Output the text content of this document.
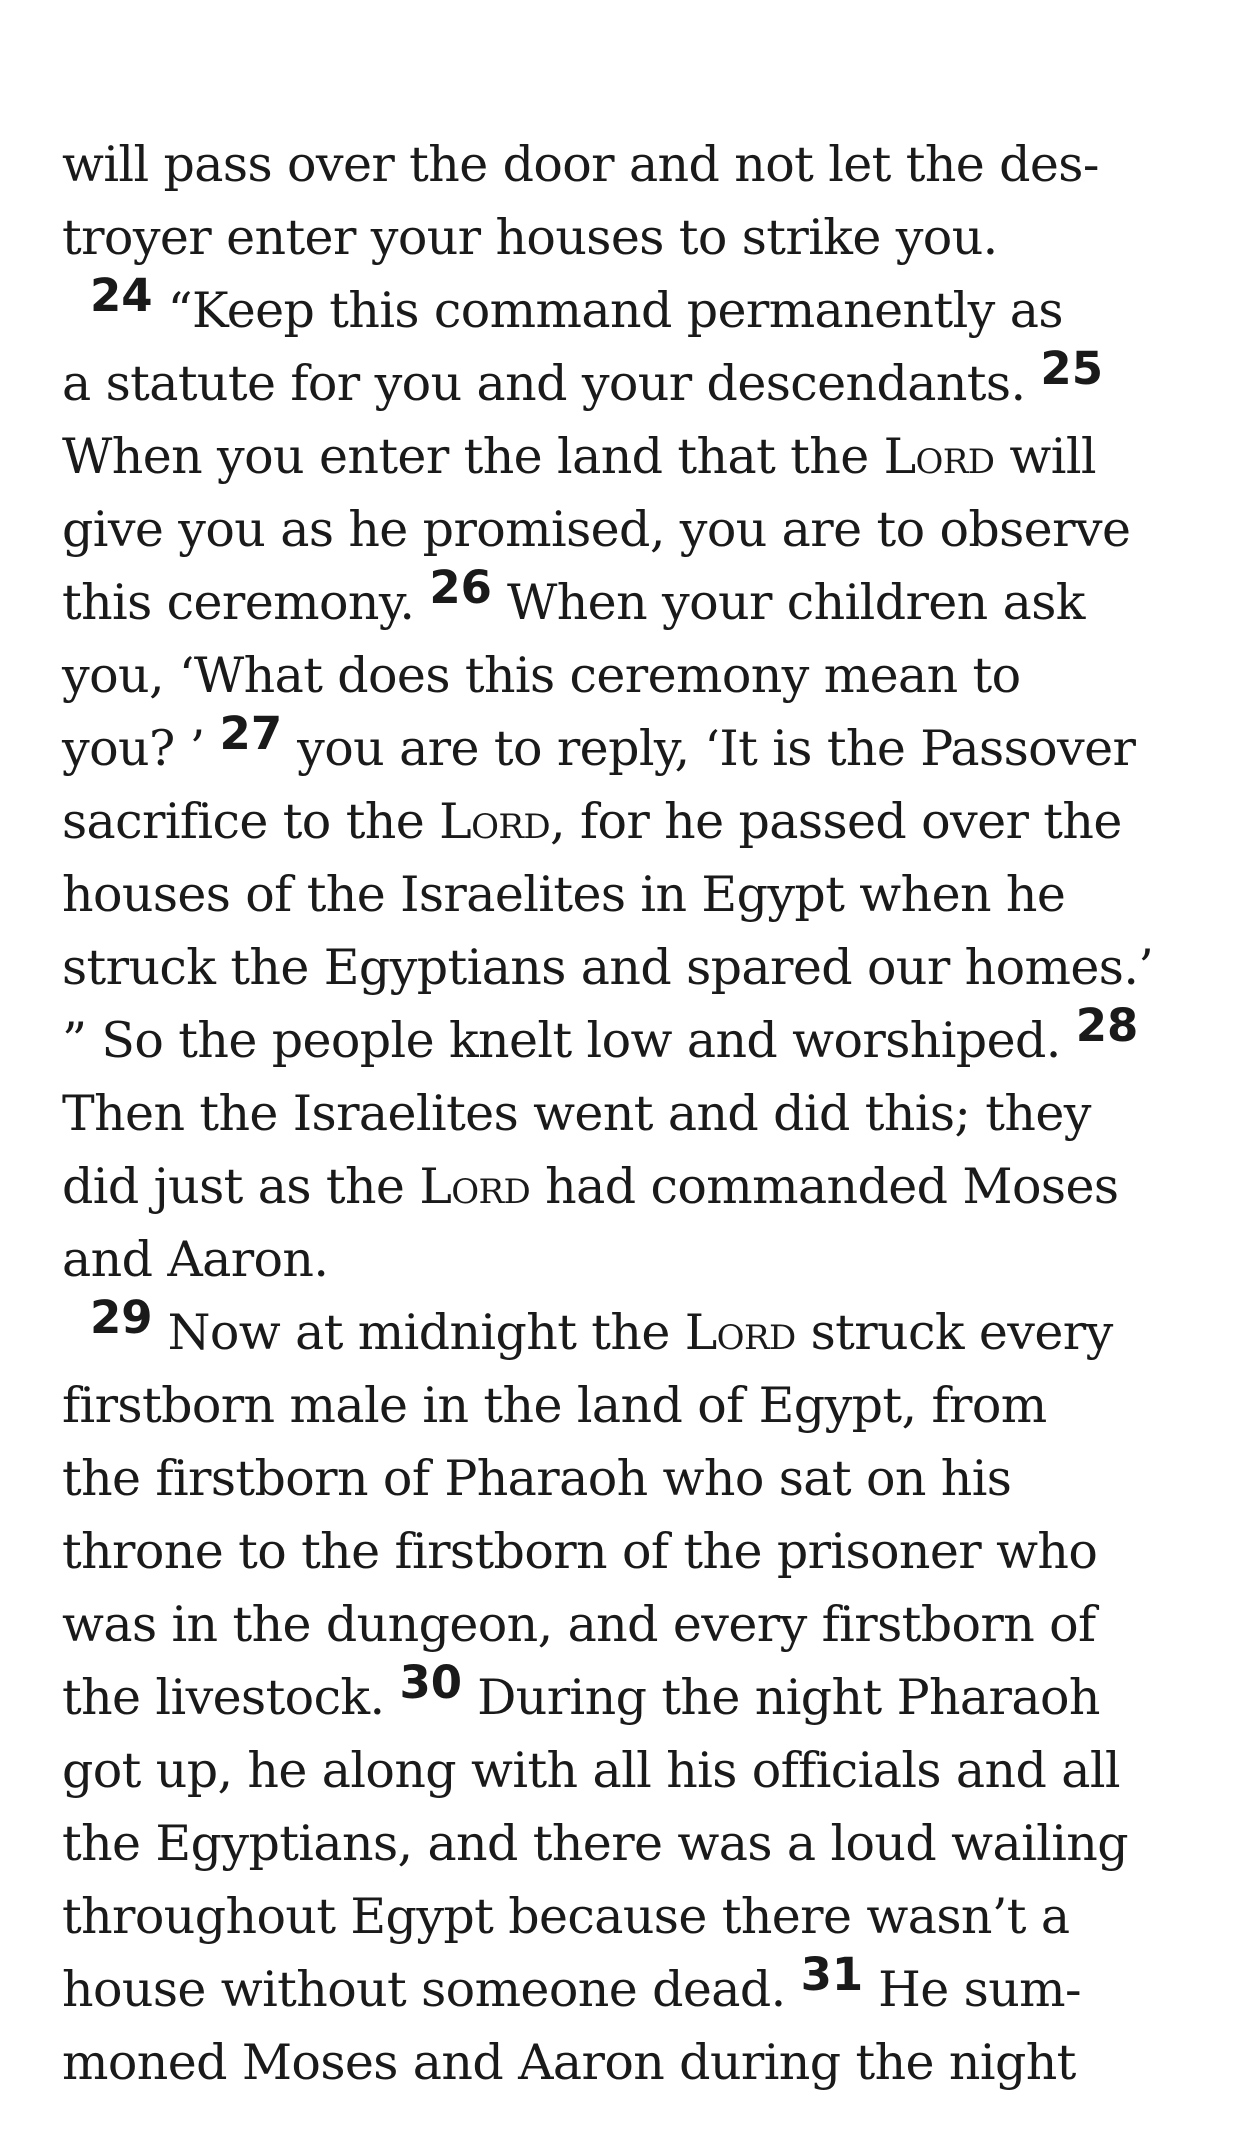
will pass over the door and not let the des-
troyer enter your houses to strike you.
24 “Keep this command permanently as
a statute for you and your descendants. 25
When you enter the land that the Lord will
give you as he promised, you are to observe
this ceremony. 26 When your children ask
you, ‘What does this ceremony mean to
you? ’ 27 you are to reply, ‘It is the Passover
sacrifice to the Lord, for he passed over the
houses of the Israelites in Egypt when he
struck the Egyptians and spared our homes.’
” So the people knelt low and worshiped. 28
Then the Israelites went and did this; they
did just as the Lord had commanded Moses
and Aaron.
29 Now at midnight the Lord struck every
firstborn male in the land of Egypt, from
the firstborn of Pharaoh who sat on his
throne to the firstborn of the prisoner who
was in the dungeon, and every firstborn of
the livestock. 30 During the night Pharaoh
got up, he along with all his officials and all
the Egyptians, and there was a loud wailing
throughout Egypt because there wasn’t a
house without someone dead. 31 He sum-
moned Moses and Aaron during the night
